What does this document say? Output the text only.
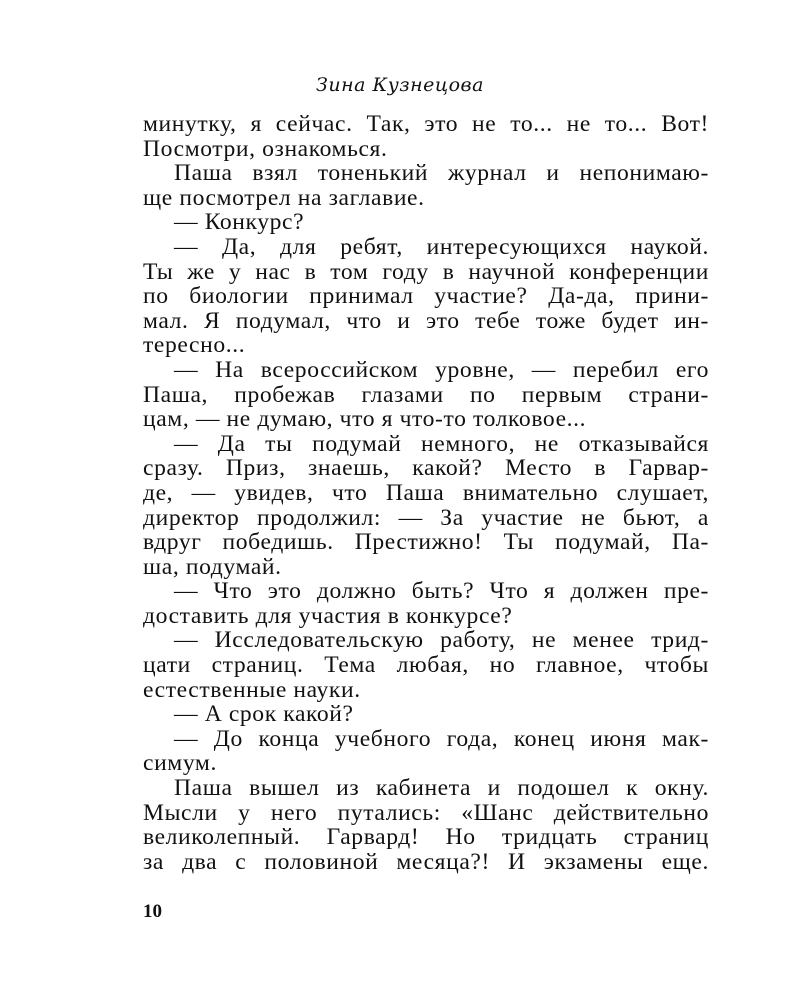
Зина Кузнецова
минутку, я сейчас. Так, это не то... не то... Вот!
Посмотри, ознакомься.
Паша взял тоненький журнал и непонимаю-
ще посмотрел на заглавие.
— Конкурс?
— Да, для ребят, интересующихся наукой.
Ты же у нас в том году в научной конференции
по биологии принимал участие? Да-да, прини-
мал. Я подумал, что и это тебе тоже будет ин-
тересно...
— На всероссийском уровне, — перебил его
Паша, пробежав глазами по первым страни-
цам, — не думаю, что я что-то толковое...
— Да ты подумай немного, не отказывайся
сразу. Приз, знаешь, какой? Место в Гарвар-
де, — увидев, что Паша внимательно слушает,
директор продолжил: — За участие не бьют, а
вдруг победишь. Престижно! Ты подумай, Па-
ша, подумай.
— Что это должно быть? Что я должен пре-
доставить для участия в конкурсе?
— Исследовательскую работу, не менее трид-
цати страниц. Тема любая, но главное, чтобы
естественные науки.
— А срок какой?
— До конца учебного года, конец июня мак-
симум.
Паша вышел из кабинета и подошел к окну.
Мысли у него путались: «Шанс действительно
великолепный. Гарвард! Но тридцать страниц
за два с половиной месяца?! И экзамены еще.
10
